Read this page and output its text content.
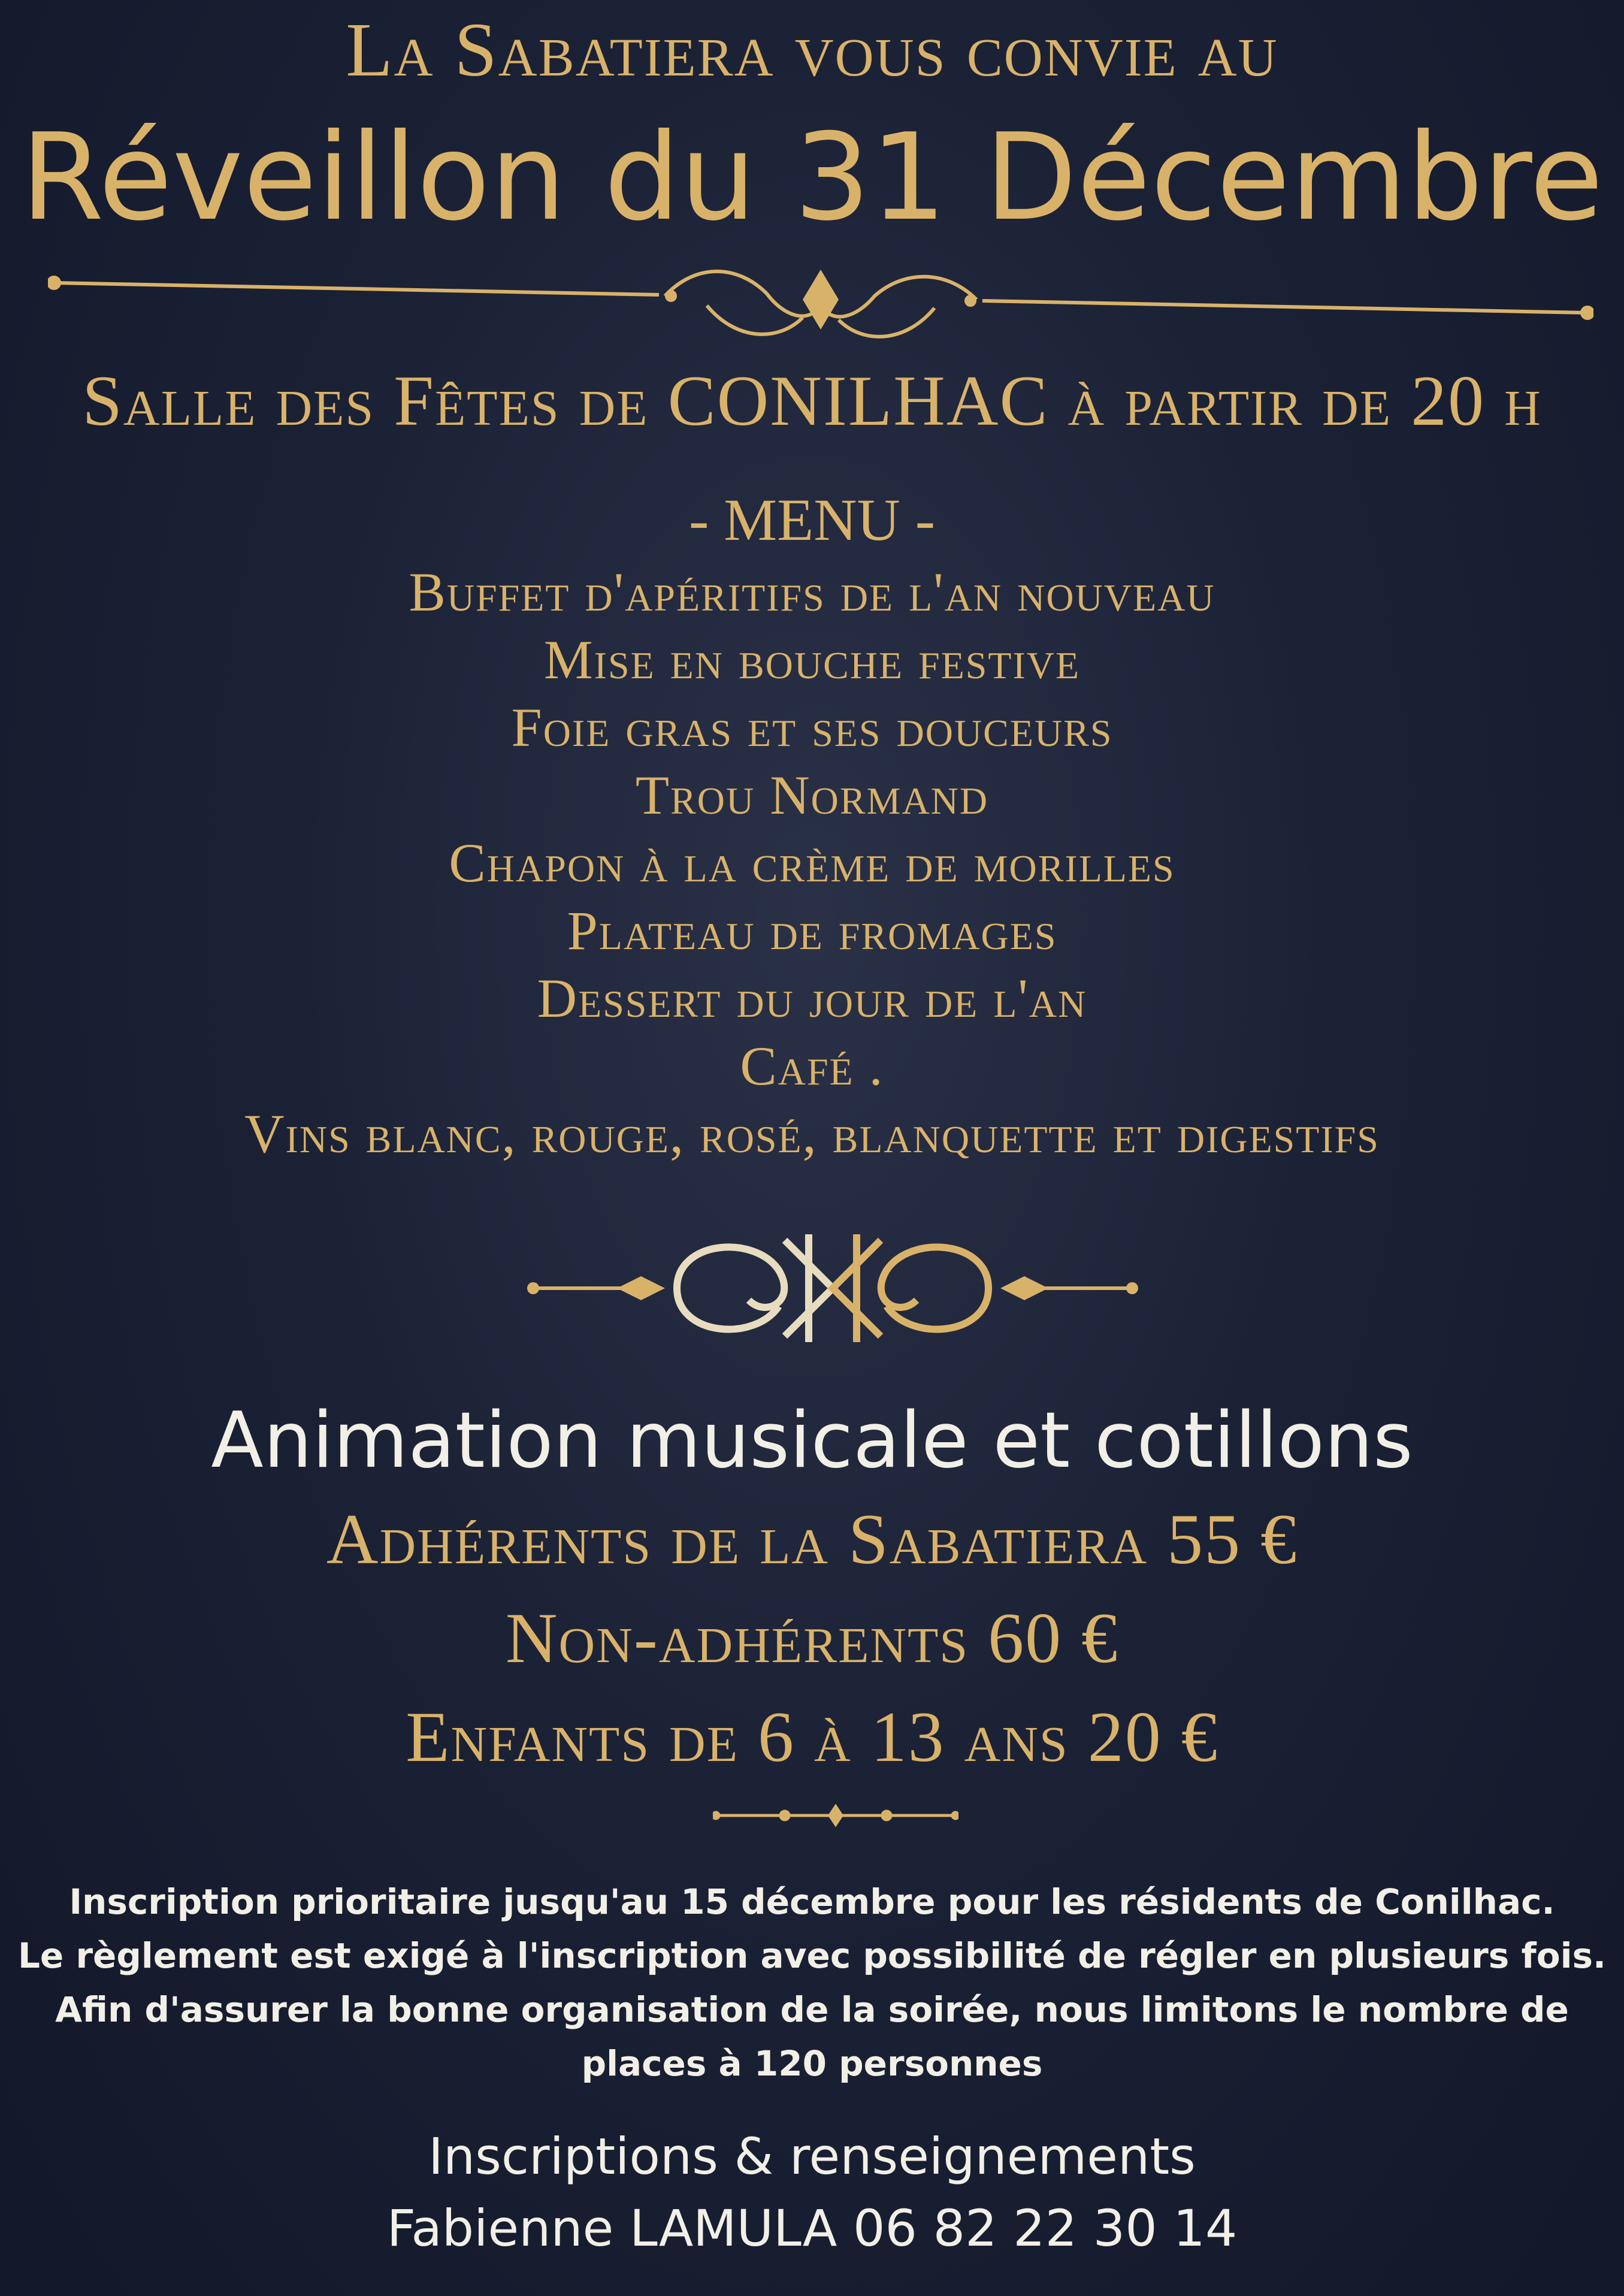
La Sabatiera vous convie au
Réveillon du 31 Décembre
Salle des Fêtes de CONILHAC à partir de 20 h
- MENU -
Buffet d'apéritifs de l'an nouveau
Mise en bouche festive
Foie gras et ses douceurs
Trou Normand
Chapon à la crème de morilles
Plateau de fromages
Dessert du jour de l'an
Café .
Vins blanc, rouge, rosé, blanquette et digestifs
Animation musicale et cotillons
Adhérents de la Sabatiera 55 €
Non-adhérents 60 €
Enfants de 6 à 13 ans 20 €
Inscription prioritaire jusqu'au 15 décembre pour les résidents de Conilhac.
Le règlement est exigé à l'inscription avec possibilité de régler en plusieurs fois.
Afin d'assurer la bonne organisation de la soirée, nous limitons le nombre de
places à 120 personnes
Inscriptions & renseignements
Fabienne LAMULA 06 82 22 30 14
